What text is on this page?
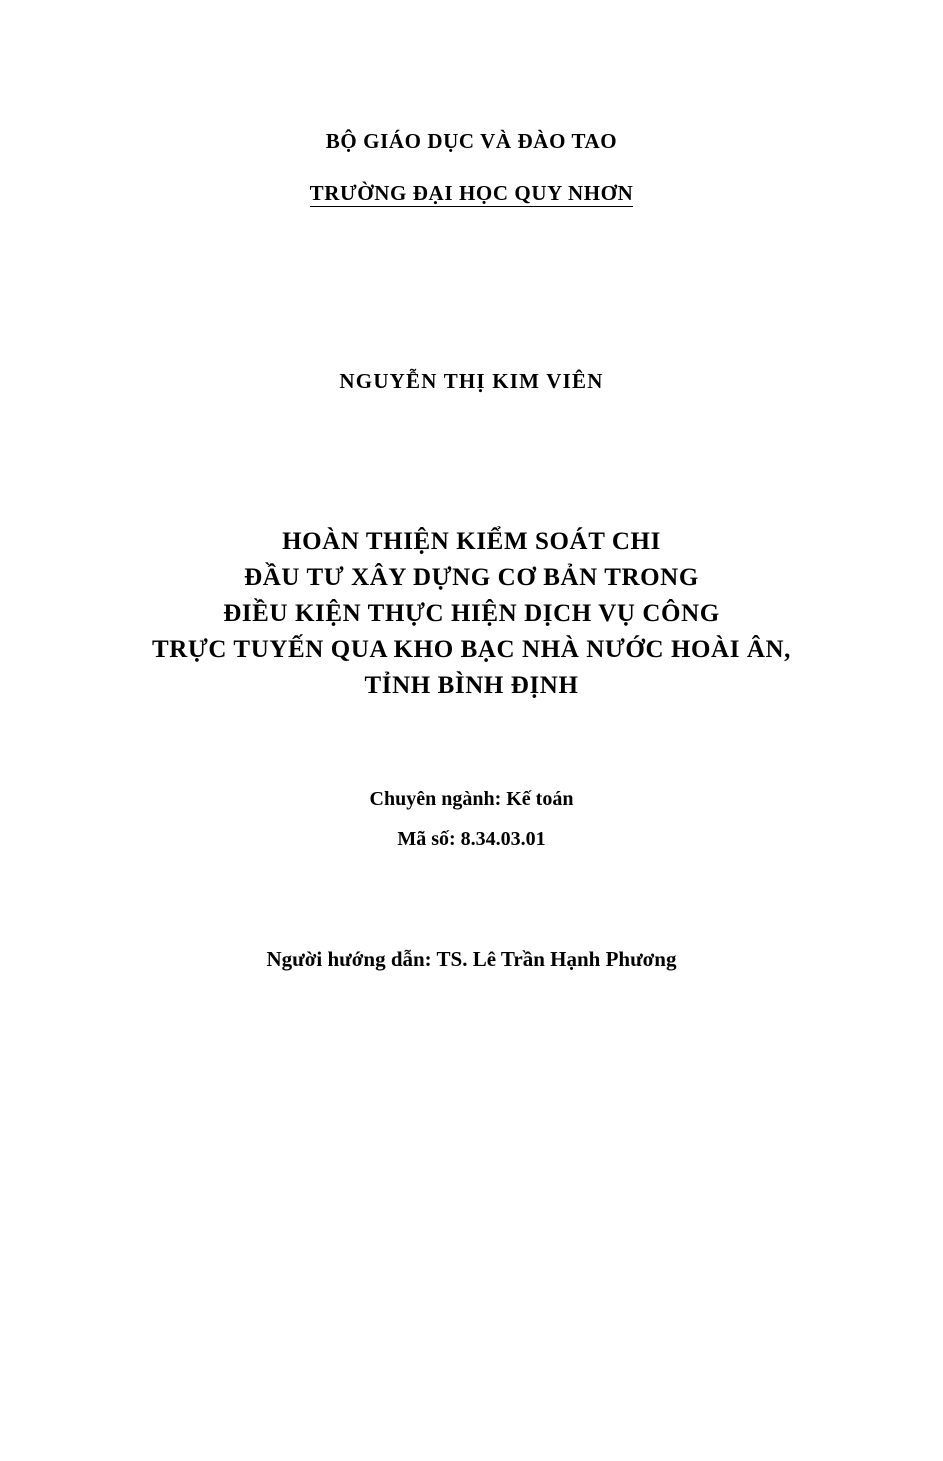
BỘ GIÁO DỤC VÀ ĐÀO TAO
TRƯỜNG ĐẠI HỌC QUY NHƠN
NGUYỄN THỊ KIM VIÊN
HOÀN THIỆN KIỂM SOÁT CHI
ĐẦU TƯ XÂY DỰNG CƠ BẢN TRONG
ĐIỀU KIỆN THỰC HIỆN DỊCH VỤ CÔNG
TRỰC TUYẾN QUA KHO BẠC NHÀ NƯỚC HOÀI ÂN,
TỈNH BÌNH ĐỊNH
Chuyên ngành: Kế toán
Mã số: 8.34.03.01
Người hướng dẫn: TS. Lê Trần Hạnh Phương
